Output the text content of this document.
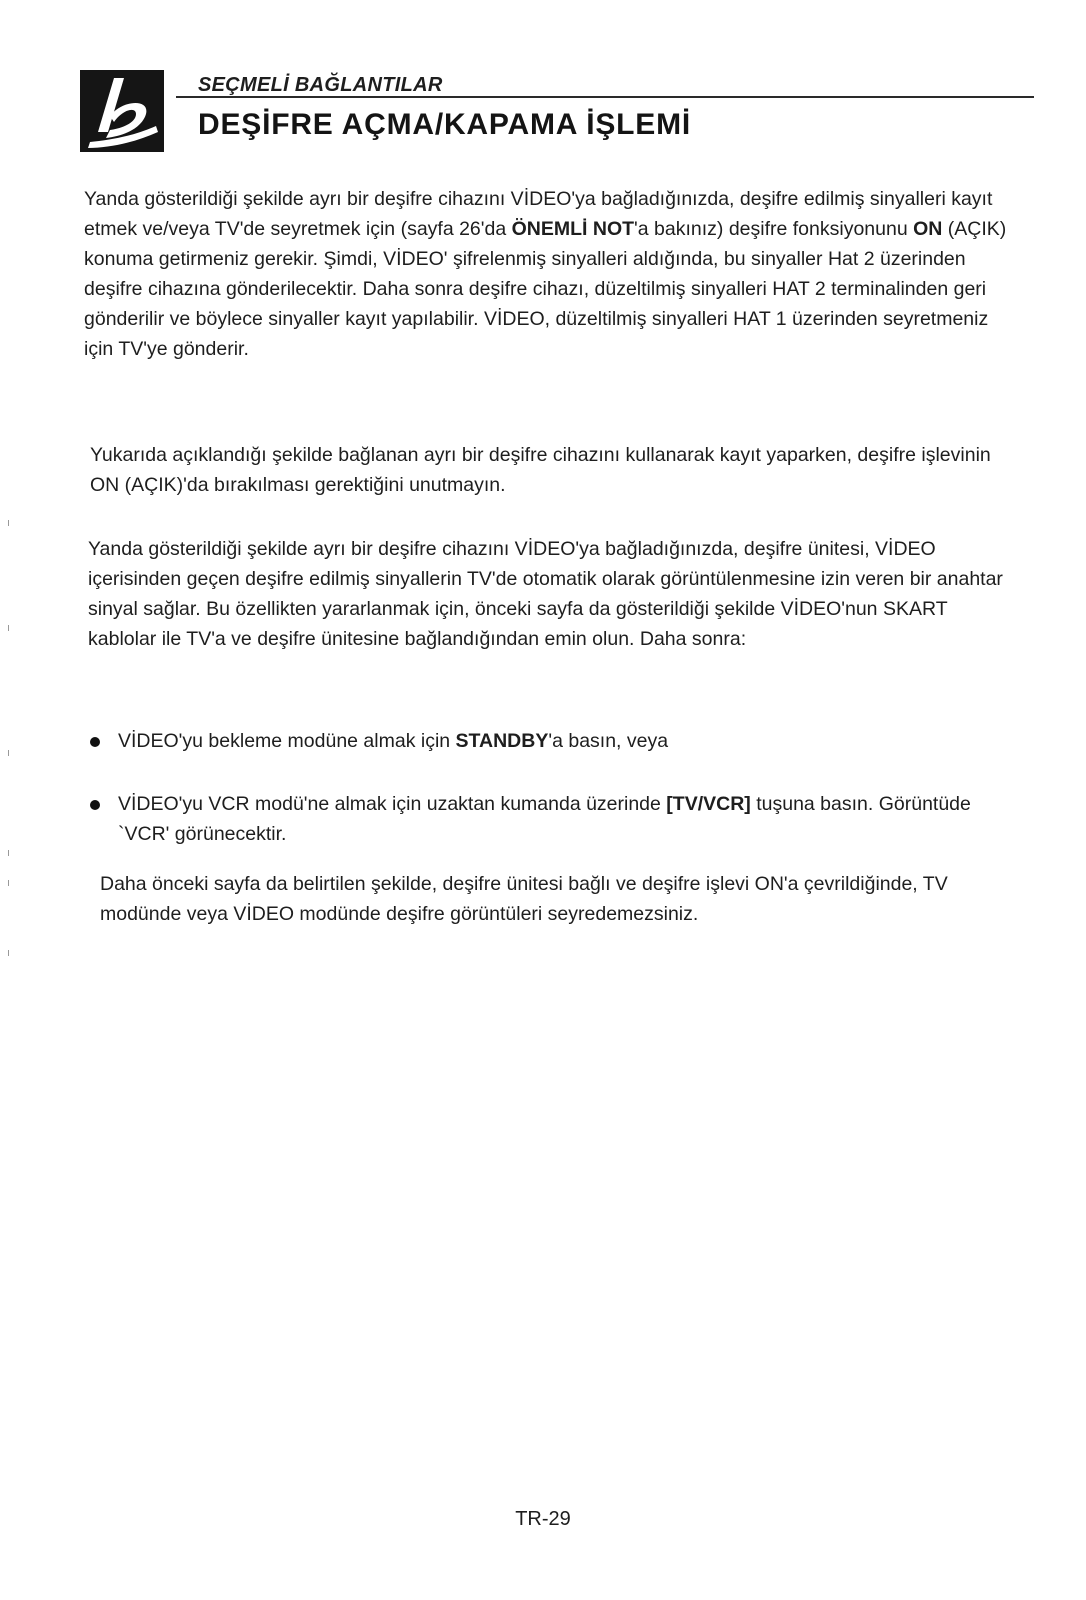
SEÇMELİ BAĞLANTILAR
DEŞİFRE AÇMA/KAPAMA İŞLEMİ

Yanda gösterildiği şekilde ayrı bir deşifre cihazını VİDEO'ya bağladığınızda, deşifre edilmiş sinyalleri kayıt etmek ve/veya TV'de seyretmek için (sayfa 26'da ÖNEMLİ NOT'a bakınız) deşifre fonksiyonunu ON (AÇIK) konuma getirmeniz gerekir. Şimdi, VİDEO' şifrelenmiş sinyalleri aldığında, bu sinyaller Hat 2 üzerinden deşifre cihazına gönderilecektir. Daha sonra deşifre cihazı, düzeltilmiş sinyalleri HAT 2 terminalinden geri gönderilir ve böylece sinyaller kayıt yapılabilir. VİDEO, düzeltilmiş sinyalleri HAT 1 üzerinden seyretmeniz için TV'ye gönderir.

Yukarıda açıklandığı şekilde bağlanan ayrı bir deşifre cihazını kullanarak kayıt yaparken, deşifre işlevinin ON (AÇIK)'da bırakılması gerektiğini unutmayın.

Yanda gösterildiği şekilde ayrı bir deşifre cihazını VİDEO'ya bağladığınızda, deşifre ünitesi, VİDEO içerisinden geçen deşifre edilmiş sinyallerin TV'de otomatik olarak görüntülenmesine izin veren bir anahtar sinyal sağlar. Bu özellikten yararlanmak için, önceki sayfa da gösterildiği şekilde VİDEO'nun SKART kablolar ile TV'a ve deşifre ünitesine bağlandığından emin olun. Daha sonra:

VİDEO'yu bekleme modüne almak için STANDBY'a basın, veya
VİDEO'yu VCR modü'ne almak için uzaktan kumanda üzerinde [TV/VCR] tuşuna basın. Görüntüde `VCR' görünecektir.

Daha önceki sayfa da belirtilen şekilde, deşifre ünitesi bağlı ve deşifre işlevi ON'a çevrildiğinde, TV modünde veya VİDEO modünde deşifre görüntüleri seyredemezsiniz.

TR-29
